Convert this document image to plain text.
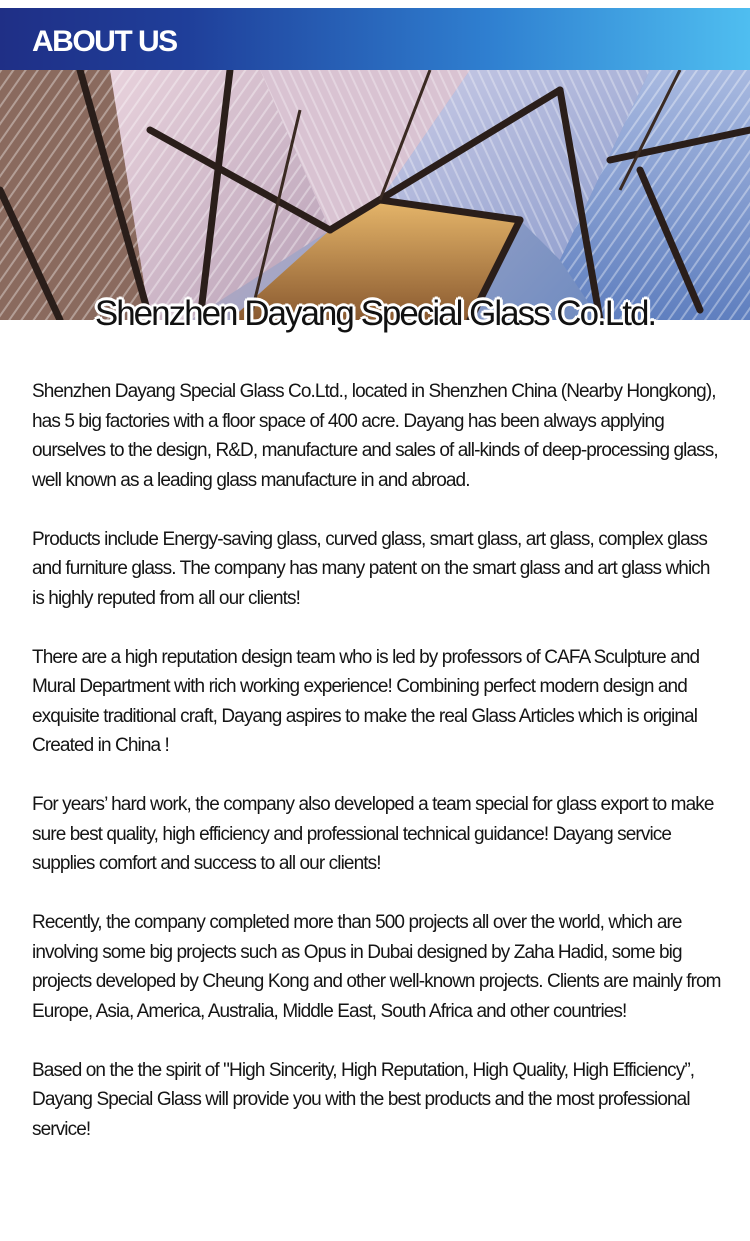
ABOUT US
Shenzhen Dayang Special Glass Co.Ltd.

Shenzhen Dayang Special Glass Co.Ltd., located in Shenzhen China (Nearby Hongkong), has 5 big factories with a floor space of 400 acre. Dayang has been always applying ourselves to the design, R&D, manufacture and sales of all-kinds of deep-processing glass, well known as a leading glass manufacture in and abroad.

Products include Energy-saving glass, curved glass, smart glass, art glass, complex glass and furniture glass. The company has many patent on the smart glass and art glass which is highly reputed from all our clients!

There are a high reputation design team who is led by professors of CAFA Sculpture and Mural Department with rich working experience! Combining perfect modern design and exquisite traditional craft, Dayang aspires to make the real Glass Articles which is original Created in China !

For years’ hard work, the company also developed a team special for glass export to make sure best quality, high efficiency and professional technical guidance! Dayang service supplies comfort and success to all our clients!

Recently, the company completed more than 500 projects all over the world, which are involving some big projects such as Opus in Dubai designed by Zaha Hadid, some big projects developed by Cheung Kong and other well-known projects. Clients are mainly from Europe, Asia, America, Australia, Middle East, South Africa and other countries!

Based on the the spirit of "High Sincerity, High Reputation, High Quality, High Efficiency”, Dayang Special Glass will provide you with the best products and the most professional service!
